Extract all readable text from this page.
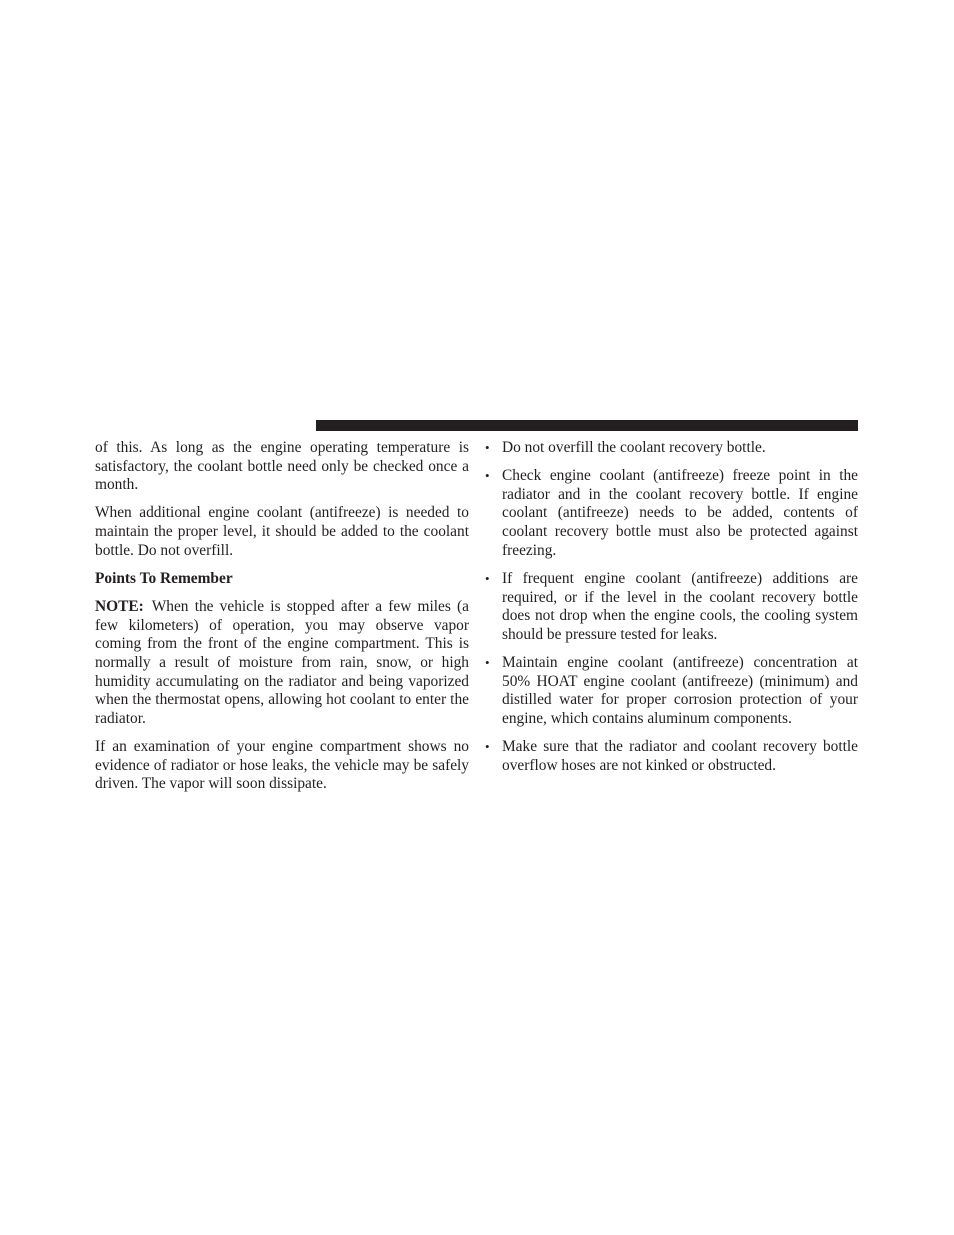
of this. As long as the engine operating temperature is satisfactory, the coolant bottle need only be checked once a month.

When additional engine coolant (antifreeze) is needed to maintain the proper level, it should be added to the coolant bottle. Do not overfill.

Points To Remember

NOTE: When the vehicle is stopped after a few miles (a few kilometers) of operation, you may observe vapor coming from the front of the engine compartment. This is normally a result of moisture from rain, snow, or high humidity accumulating on the radiator and being vaporized when the thermostat opens, allowing hot coolant to enter the radiator.

If an examination of your engine compartment shows no evidence of radiator or hose leaks, the vehicle may be safely driven. The vapor will soon dissipate.

• Do not overfill the coolant recovery bottle.
• Check engine coolant (antifreeze) freeze point in the radiator and in the coolant recovery bottle. If engine coolant (antifreeze) needs to be added, contents of coolant recovery bottle must also be protected against freezing.
• If frequent engine coolant (antifreeze) additions are required, or if the level in the coolant recovery bottle does not drop when the engine cools, the cooling system should be pressure tested for leaks.
• Maintain engine coolant (antifreeze) concentration at 50% HOAT engine coolant (antifreeze) (minimum) and distilled water for proper corrosion protection of your engine, which contains aluminum components.
• Make sure that the radiator and coolant recovery bottle overflow hoses are not kinked or obstructed.
